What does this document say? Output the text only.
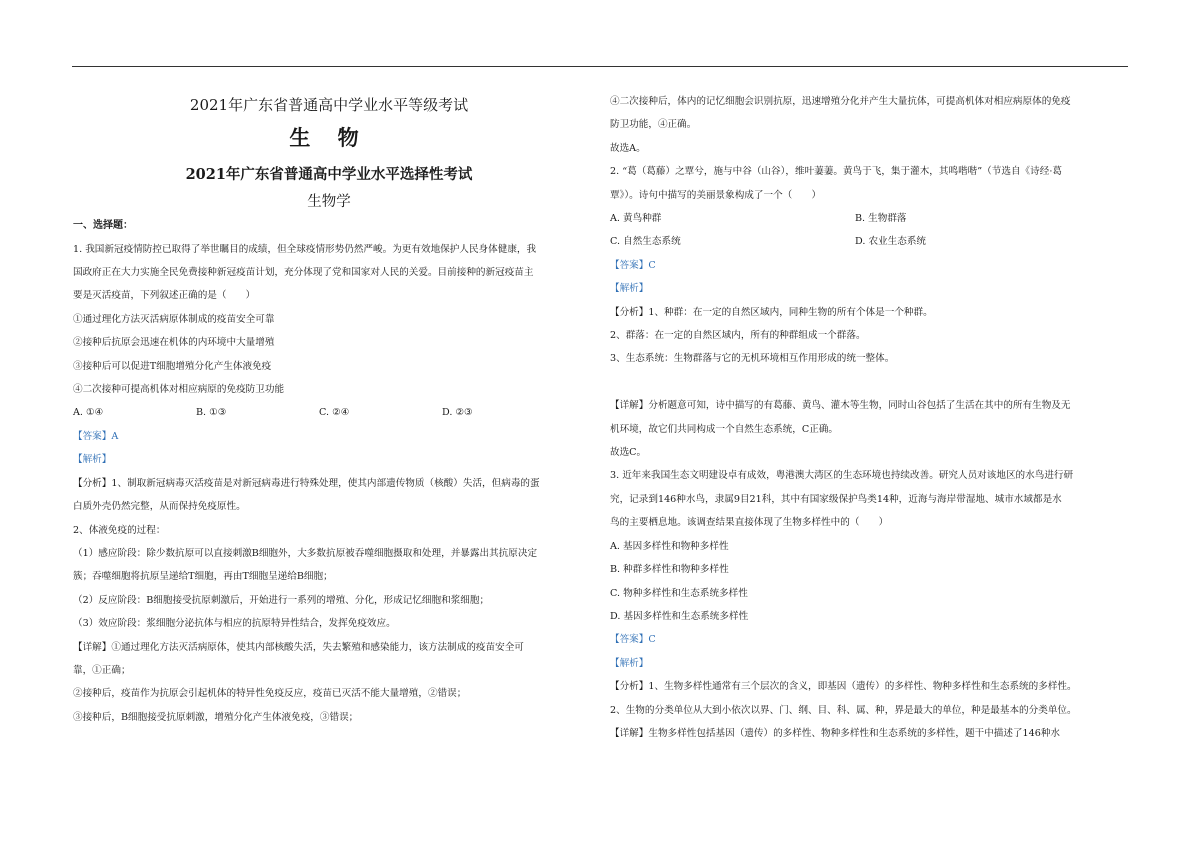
2021年广东省普通高中学业水平等级考试

生 物

2021年广东省普通高中学业水平选择性考试

生物学

一、选择题：

1. 我国新冠疫情防控已取得了举世瞩目的成绩，但全球疫情形势仍然严峻。为更有效地保护人民身体健康，我

国政府正在大力实施全民免费接种新冠疫苗计划，充分体现了党和国家对人民的关爱。目前接种的新冠疫苗主

要是灭活疫苗，下列叙述正确的是（　　）

①通过理化方法灭活病原体制成的疫苗安全可靠

②接种后抗原会迅速在机体的内环境中大量增殖

③接种后可以促进T细胞增殖分化产生体液免疫

④二次接种可提高机体对相应病原的免疫防卫功能

A. ①④	B. ①③	C. ②④	D. ②③

【答案】A

【解析】

【分析】1、制取新冠病毒灭活疫苗是对新冠病毒进行特殊处理，使其内部遗传物质（核酸）失活，但病毒的蛋

白质外壳仍然完整，从而保持免疫原性。

2、体液免疫的过程：

（1）感应阶段：除少数抗原可以直接刺激B细胞外，大多数抗原被吞噬细胞摄取和处理，并暴露出其抗原决定

簇；吞噬细胞将抗原呈递给T细胞，再由T细胞呈递给B细胞；

（2）反应阶段：B细胞接受抗原刺激后，开始进行一系列的增殖、分化，形成记忆细胞和浆细胞；

（3）效应阶段：浆细胞分泌抗体与相应的抗原特异性结合，发挥免疫效应。

【详解】①通过理化方法灭活病原体，使其内部核酸失活，失去繁殖和感染能力，该方法制成的疫苗安全可

靠，①正确；

②接种后，疫苗作为抗原会引起机体的特异性免疫反应，疫苗已灭活不能大量增殖，②错误；

③接种后，B细胞接受抗原刺激，增殖分化产生体液免疫，③错误；

④二次接种后，体内的记忆细胞会识别抗原，迅速增殖分化并产生大量抗体，可提高机体对相应病原体的免疫

防卫功能，④正确。

故选A。

2. “葛（葛藤）之覃兮，施与中谷（山谷），维叶萋萋。黄鸟于飞，集于灌木，其鸣喈喈”（节选自《诗经·葛

覃》）。诗句中描写的美丽景象构成了一个（　　）

A. 黄鸟种群	B. 生物群落
C. 自然生态系统	D. 农业生态系统

【答案】C

【解析】

【分析】1、种群：在一定的自然区域内，同种生物的所有个体是一个种群。

2、群落：在一定的自然区域内，所有的种群组成一个群落。

3、生态系统：生物群落与它的无机环境相互作用形成的统一整体。

【详解】分析题意可知，诗中描写的有葛藤、黄鸟、灌木等生物，同时山谷包括了生活在其中的所有生物及无

机环境，故它们共同构成一个自然生态系统，C正确。

故选C。

3. 近年来我国生态文明建设卓有成效，粤港澳大湾区的生态环境也持续改善。研究人员对该地区的水鸟进行研

究，记录到146种水鸟，隶属9目21科，其中有国家级保护鸟类14种，近海与海岸带湿地、城市水域都是水

鸟的主要栖息地。该调查结果直接体现了生物多样性中的（　　）

A. 基因多样性和物种多样性

B. 种群多样性和物种多样性

C. 物种多样性和生态系统多样性

D. 基因多样性和生态系统多样性

【答案】C

【解析】

【分析】1、生物多样性通常有三个层次的含义，即基因（遗传）的多样性、物种多样性和生态系统的多样性。

2、生物的分类单位从大到小依次以界、门、纲、目、科、属、种，界是最大的单位，种是最基本的分类单位。

【详解】生物多样性包括基因（遗传）的多样性、物种多样性和生态系统的多样性，题干中描述了146种水
